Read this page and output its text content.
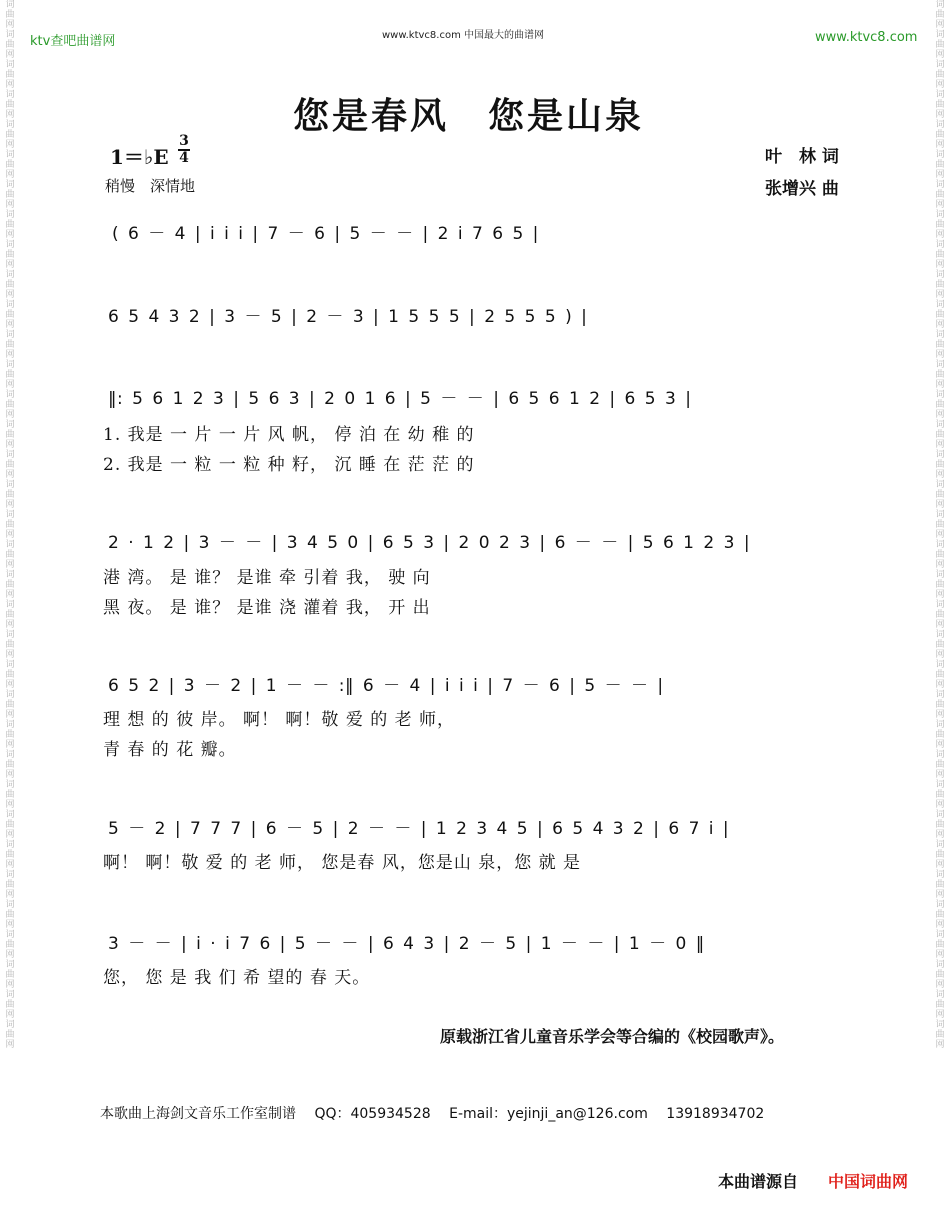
词曲网词曲网词曲网词曲网词曲网词曲网词曲网词曲网词曲网词曲网词曲网词曲网词曲网词曲网词曲网词曲网词曲网词曲网词曲网词曲网词曲网词曲网词曲网词曲网词曲网词曲网词曲网词曲网词曲网词曲网词曲网词曲网词曲网词曲网词曲网
词曲网词曲网词曲网词曲网词曲网词曲网词曲网词曲网词曲网词曲网词曲网词曲网词曲网词曲网词曲网词曲网词曲网词曲网词曲网词曲网词曲网词曲网词曲网词曲网词曲网词曲网词曲网词曲网词曲网词曲网词曲网词曲网词曲网词曲网词曲网
ktv查吧曲谱网	www.ktvc8.com 中国最大的曲谱网	www.ktvc8.com
您是春风　您是山泉
1＝♭E
3
4
稍慢　深情地
叶　林 词
张增兴 曲
( 6 － 4 | i i i | 7 － 6 | 5 － － | 2 i 7 6 5 |
6 5 4 3 2 | 3 － 5 | 2 － 3 | 1 5 5 5 | 2 5 5 5 ) |
‖: 5 6 1 2 3 | 5 6 3 | 2 0 1 6 | 5 － － | 6 5 6 1 2 | 6 5 3 |
1. 我是 一 片 一 片 风 帆， 停 泊 在 幼 稚 的
2. 我是 一 粒 一 粒 种 籽， 沉 睡 在 茫 茫 的
2 · 1 2 | 3 － － | 3 4 5 0 | 6 5 3 | 2 0 2 3 | 6 － － | 5 6 1 2 3 |
港 湾。 是 谁？ 是谁 牵 引着 我， 驶 向
黑 夜。 是 谁？ 是谁 浇 灌着 我， 开 出
6 5 2 | 3 － 2 | 1 － － :‖ 6 － 4 | i i i | 7 － 6 | 5 － － |
理 想 的 彼 岸。 啊！ 啊！敬 爱 的 老 师，
青 春 的 花 瓣。
5 － 2 | 7 7 7 | 6 － 5 | 2 － － | 1 2 3 4 5 | 6 5 4 3 2 | 6 7 i |
啊！ 啊！敬 爱 的 老 师， 您是春 风，您是山 泉，您 就 是
3 － － | i · i 7 6 | 5 － － | 6 4 3 | 2 － 5 | 1 － － | 1 － 0 ‖
您， 您 是 我 们 希 望的 春 天。
原载浙江省儿童音乐学会等合编的《校园歌声》。
本歌曲上海剑文音乐工作室制谱　 QQ：405934528　 E-mail：yejinji_an@126.com　 13918934702
本曲谱源自 中国词曲网
